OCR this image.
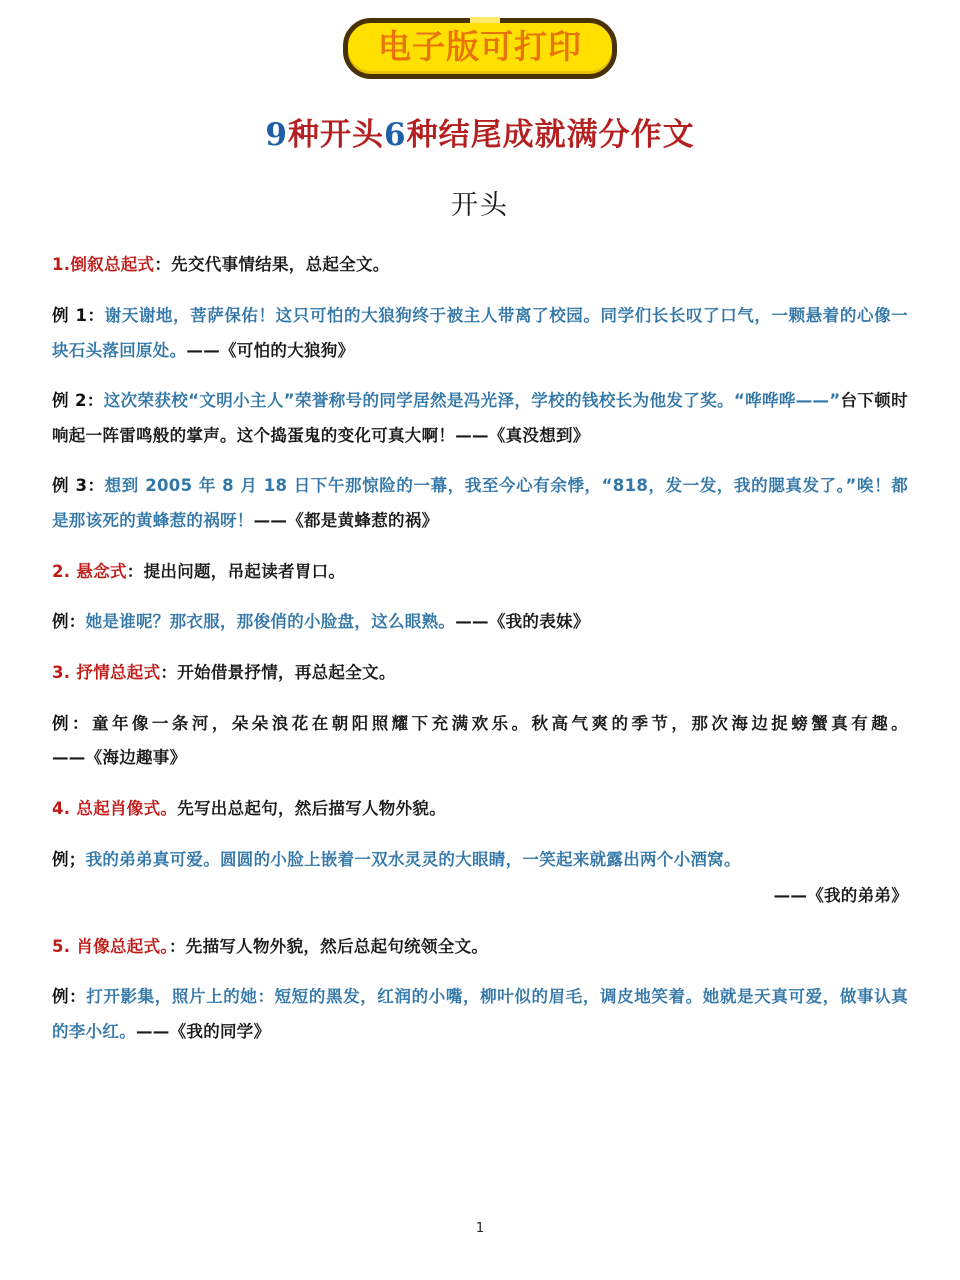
电子版可打印
9种开头6种结尾成就满分作文
开头

1.倒叙总起式：先交代事情结果，总起全文。

例 1：谢天谢地，菩萨保佑！这只可怕的大狼狗终于被主人带离了校园。同学们长长叹了口气，一颗悬着的心像一块石头落回原处。——《可怕的大狼狗》

例 2：这次荣获校“文明小主人”荣誉称号的同学居然是冯光泽，学校的钱校长为他发了奖。“哗哗哗——”台下顿时响起一阵雷鸣般的掌声。这个捣蛋鬼的变化可真大啊！——《真没想到》

例 3：想到 2005 年 8 月 18 日下午那惊险的一幕，我至今心有余悸，“818，发一发，我的腮真发了。”唉！都是那该死的黄蜂惹的祸呀！——《都是黄蜂惹的祸》

2. 悬念式：提出问题，吊起读者胃口。

例：她是谁呢？那衣服，那俊俏的小脸盘，这么眼熟。——《我的表妹》

3. 抒情总起式：开始借景抒情，再总起全文。

例：童年像一条河，朵朵浪花在朝阳照耀下充满欢乐。秋高气爽的季节，那次海边捉螃蟹真有趣。——《海边趣事》

4. 总起肖像式。先写出总起句，然后描写人物外貌。

例；我的弟弟真可爱。圆圆的小脸上嵌着一双水灵灵的大眼睛，一笑起来就露出两个小酒窝。
——《我的弟弟》

5. 肖像总起式。：先描写人物外貌，然后总起句统领全文。

例：打开影集，照片上的她：短短的黑发，红润的小嘴，柳叶似的眉毛，调皮地笑着。她就是天真可爱，做事认真的李小红。——《我的同学》

1
